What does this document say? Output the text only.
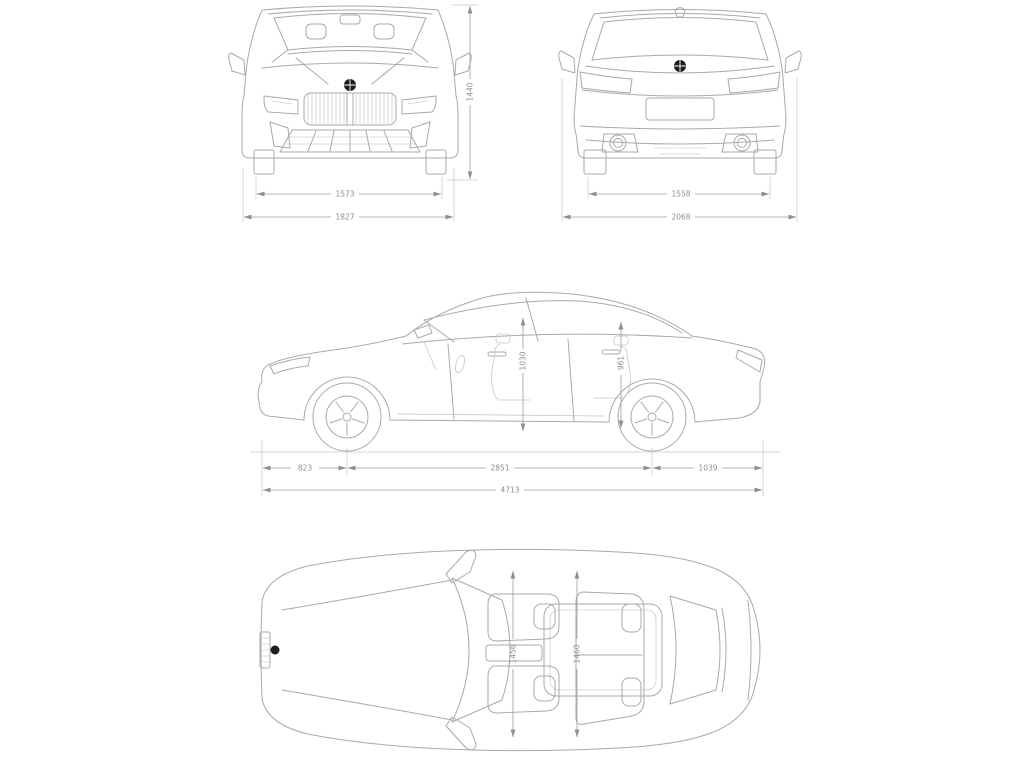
1573
1827
1440
1558
2068
823	2851	1039
4713
1030	961
1456	1460
